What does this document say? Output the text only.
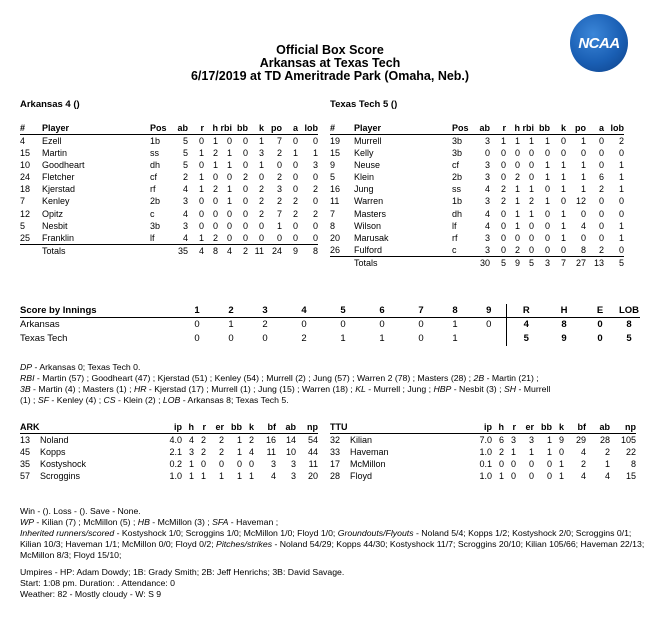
Official Box Score
Arkansas at Texas Tech
6/17/2019 at TD Ameritrade Park (Omaha, Neb.)
NCAA
Arkansas 4 ()	Texas Tech 5 ()
#	Player	Pos	ab	r	h	rbi	bb	k	po	a	lob
4	Ezell	1b	5	0	1	0	0	1	7	0	0
15	Martin	ss	5	1	2	1	0	3	2	1	1
10	Goodheart	dh	5	0	1	1	0	1	0	0	3
24	Fletcher	cf	2	1	0	0	2	0	2	0	0
18	Kjerstad	rf	4	1	2	1	0	2	3	0	2
7	Kenley	2b	3	0	0	1	0	2	2	2	0
12	Opitz	c	4	0	0	0	0	2	7	2	2
5	Nesbit	3b	3	0	0	0	0	0	1	0	0
25	Franklin	lf	4	1	2	0	0	0	0	0	0
	Totals		35	4	8	4	2	11	24	9	8
#	Player	Pos	ab	r	h	rbi	bb	k	po	a	lob
19	Murrell	3b	3	1	1	1	1	0	1	0	2
15	Kelly	3b	0	0	0	0	0	0	0	0	0
9	Neuse	cf	3	0	0	0	1	1	1	0	1
5	Klein	2b	3	0	2	0	1	1	1	6	1
16	Jung	ss	4	2	1	1	0	1	1	2	1
11	Warren	1b	3	2	1	2	1	0	12	0	0
7	Masters	dh	4	0	1	1	0	1	0	0	0
8	Wilson	lf	4	0	1	0	0	1	4	0	1
20	Marusak	rf	3	0	0	0	0	1	0	0	1
26	Fulford	c	3	0	2	0	0	0	8	2	0
	Totals		30	5	9	5	3	7	27	13	5
Score by Innings	1	2	3	4	5	6	7	8	9	R	H	E	LOB
Arkansas	0	1	2	0	0	0	0	1	0	4	8	0	8
Texas Tech	0	0	0	2	1	1	0	1		5	9	0	5
DP - Arkansas 0; Texas Tech 0.
RBI - Martin (57) ; Goodheart (47) ; Kjerstad (51) ; Kenley (54) ; Murrell (2) ; Jung (57) ; Warren 2 (78) ; Masters (28) ; 2B - Martin (21) ;
3B - Martin (4) ; Masters (1) ; HR - Kjerstad (17) ; Murrell (1) ; Jung (15) ; Warren (18) ; KL - Murrell ; Jung ; HBP - Nesbit (3) ; SH - Murrell
(1) ; SF - Kenley (4) ; CS - Klein (2) ; LOB - Arkansas 8; Texas Tech 5.
ARK		ip	h	r	er	bb	k	bf	ab	np
13	Noland	4.0	4	2	2	1	2	16	14	54
45	Kopps	2.1	3	2	2	1	4	11	10	44
35	Kostyshock	0.2	1	0	0	0	0	3	3	11
57	Scroggins	1.0	1	1	1	1	1	4	3	20
TTU		ip	h	r	er	bb	k	bf	ab	np
32	Kilian	7.0	6	3	3	1	9	29	28	105
33	Haveman	1.0	2	1	1	1	0	4	2	22
17	McMillon	0.1	0	0	0	0	1	2	1	8
28	Floyd	1.0	1	0	0	0	1	4	4	15
Win - (). Loss - (). Save - None.
WP - Kilian (7) ; McMillon (5) ; HB - McMillon (3) ; SFA - Haveman ;
Inherited runners/scored - Kostyshock 1/0; Scroggins 1/0; McMillon 1/0; Floyd 1/0; Groundouts/Flyouts - Noland 5/4; Kopps 1/2; Kostyshock 2/0; Scroggins 0/1; Kilian 10/3; Haveman 1/1; McMillon 0/0; Floyd 0/2; Pitches/strikes - Noland 54/29; Kopps 44/30; Kostyshock 11/7; Scroggins 20/10; Kilian 105/66; Haveman 22/13; McMillon 8/3; Floyd 15/10;
Umpires - HP: Adam Dowdy; 1B: Grady Smith; 2B: Jeff Henrichs; 3B: David Savage.
Start: 1:08 pm. Duration: . Attendance: 0
Weather: 82 - Mostly cloudy - W: S 9
